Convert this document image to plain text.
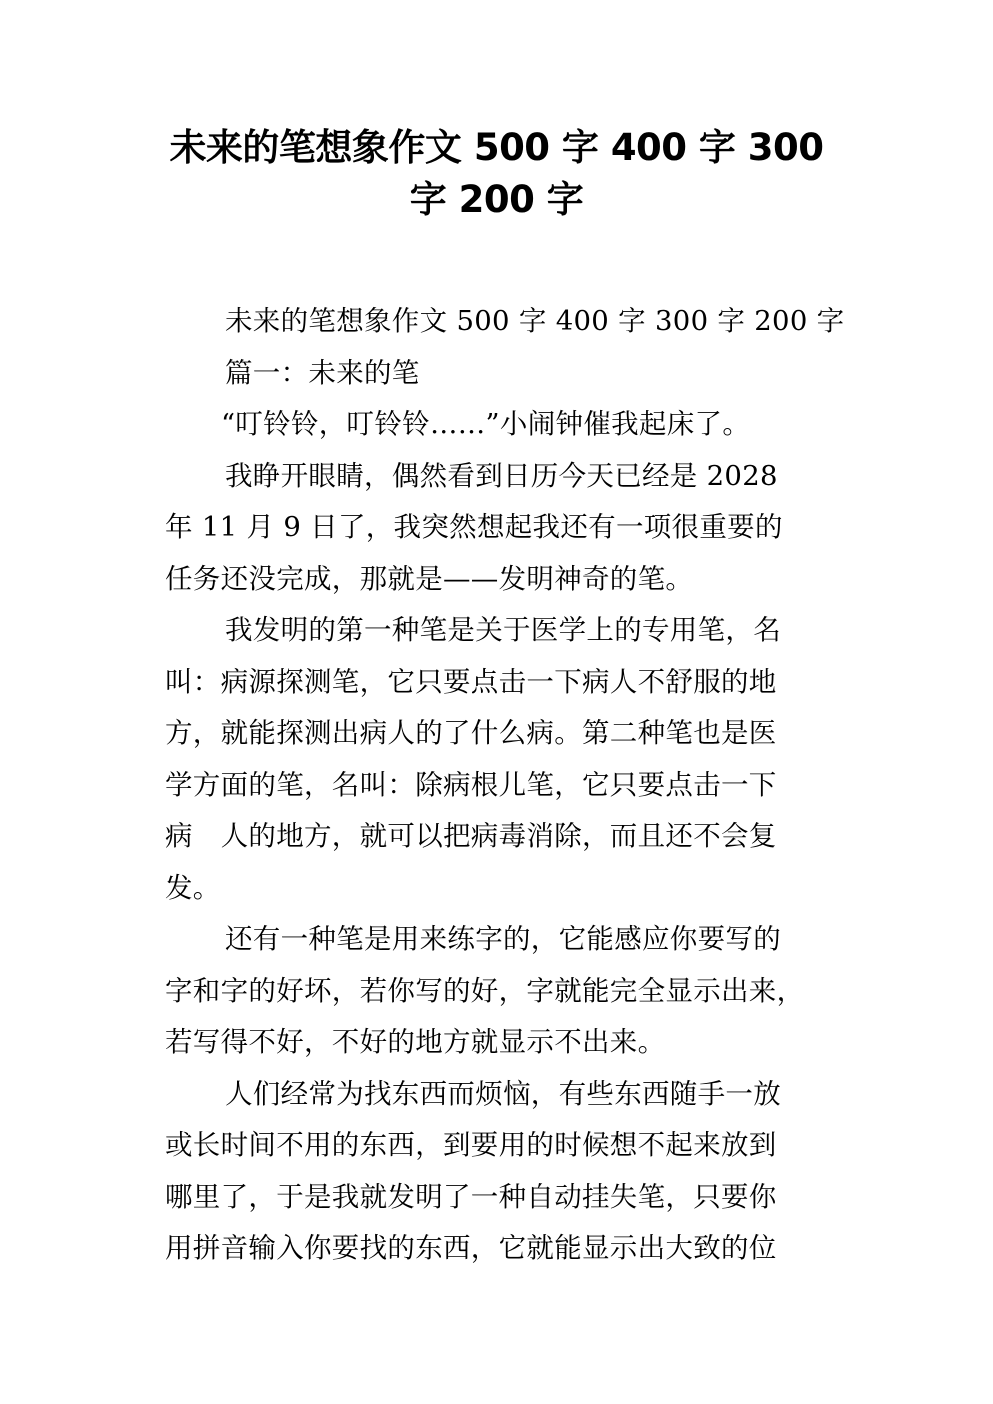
未来的笔想象作文 500 字 400 字 300
字 200 字
未来的笔想象作文 500 字 400 字 300 字 200 字
篇一：未来的笔
“叮铃铃，叮铃铃……”小闹钟催我起床了。
我睁开眼睛，偶然看到日历今天已经是 2028
年 11 月 9 日了，我突然想起我还有一项很重要的
任务还没完成，那就是——发明神奇的笔。
我发明的第一种笔是关于医学上的专用笔，名
叫：病源探测笔，它只要点击一下病人不舒服的地
方，就能探测出病人的了什么病。第二种笔也是医
学方面的笔，名叫：除病根儿笔，它只要点击一下
病　人的地方，就可以把病毒消除，而且还不会复
发。
还有一种笔是用来练字的，它能感应你要写的
字和字的好坏，若你写的好，字就能完全显示出来，
若写得不好，不好的地方就显示不出来。
人们经常为找东西而烦恼，有些东西随手一放
或长时间不用的东西，到要用的时候想不起来放到
哪里了，于是我就发明了一种自动挂失笔，只要你
用拼音输入你要找的东西，它就能显示出大致的位
